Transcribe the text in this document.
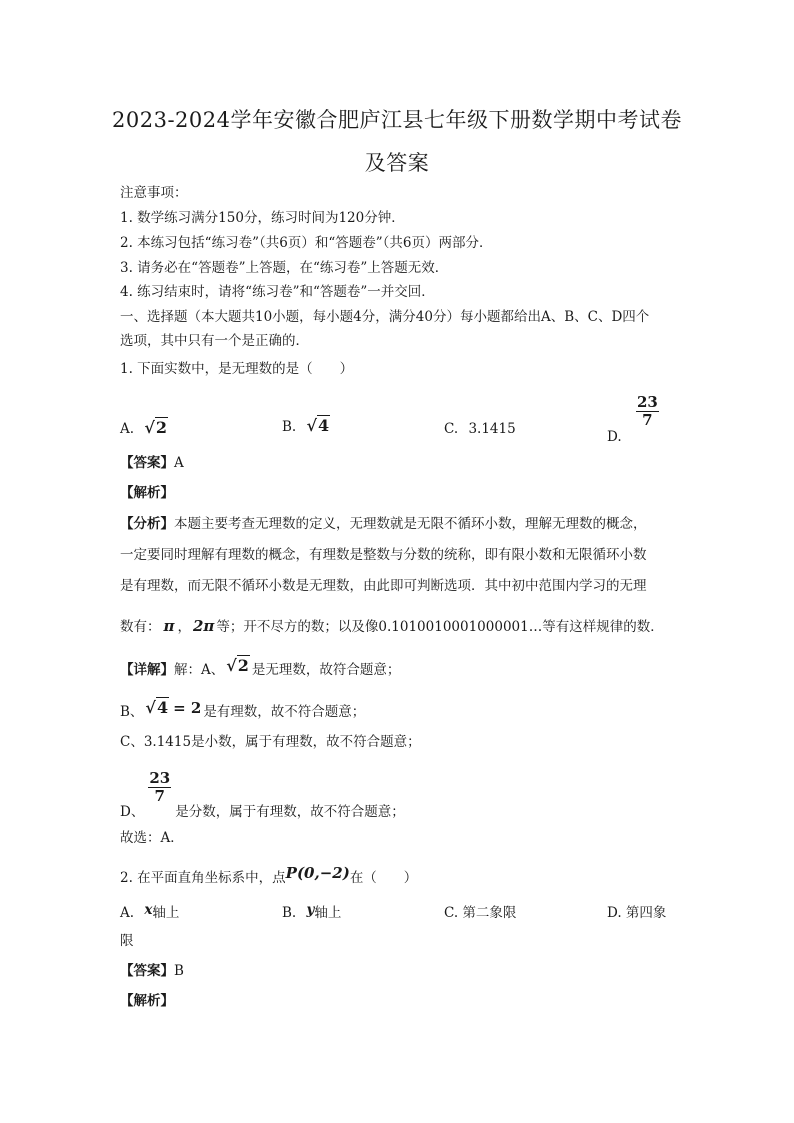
2023-2024学年安徽合肥庐江县七年级下册数学期中考试卷
及答案
注意事项：
1. 数学练习满分150分，练习时间为120分钟．
2. 本练习包括“练习卷”（共6页）和“答题卷”（共6页）两部分．
3. 请务必在“答题卷”上答题，在“练习卷”上答题无效．
4. 练习结束时，请将“练习卷”和“答题卷”一并交回．
一、选择题（本大题共10小题，每小题4分，满分40分）每小题都给出A、B、C、D四个
选项，其中只有一个是正确的．
1. 下面实数中，是无理数的是（　　）
A. √2	B. √4	C. 3.1415	D.
$\frac{23}{7}$
【答案】A
【解析】
【分析】本题主要考查无理数的定义，无理数就是无限不循环小数，理解无理数的概念，
一定要同时理解有理数的概念，有理数是整数与分数的统称，即有限小数和无限循环小数
是有理数，而无限不循环小数是无理数，由此即可判断选项．其中初中范围内学习的无理
数有： π ， 2π 等；开不尽方的数；以及像0.1010010001000001…等有这样规律的数．
【详解】解：A、 √2 是无理数，故符合题意；
B、 √4 = 2 是有理数，故不符合题意；
C、3.1415是小数，属于有理数，故不符合题意；
D、
$\frac{23}{7}$
是分数，属于有理数，故不符合题意；
故选：A．
2. 在平面直角坐标系中，点P(0,−2)在（　　）
A. x轴上	B. y轴上	C. 第二象限	D. 第四象
限
【答案】B
【解析】
